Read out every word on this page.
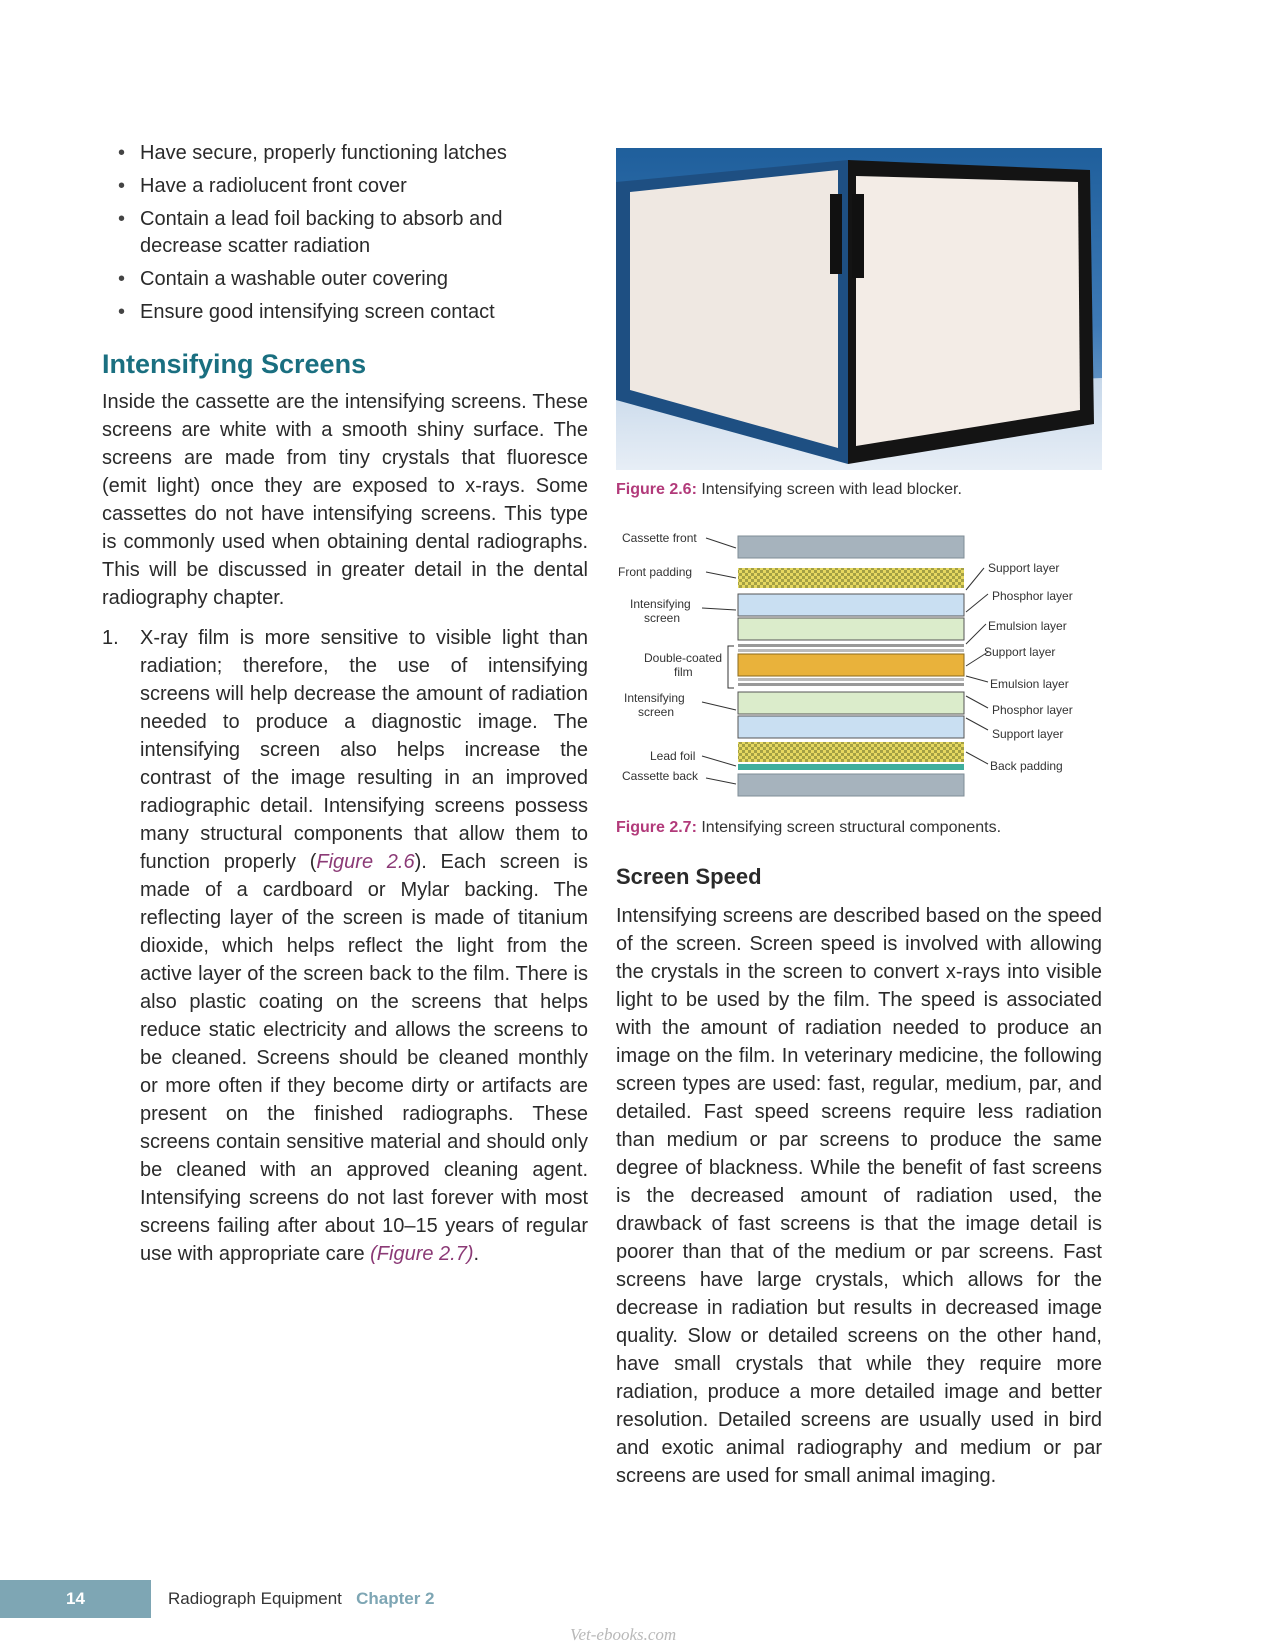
• Have secure, properly functioning latches
• Have a radiolucent front cover
• Contain a lead foil backing to absorb and decrease scatter radiation
• Contain a washable outer covering
• Ensure good intensifying screen contact
Intensifying Screens

Inside the cassette are the intensifying screens. These screens are white with a smooth shiny surface. The screens are made from tiny crystals that fluoresce (emit light) once they are exposed to x-rays. Some cassettes do not have intensifying screens. This type is commonly used when obtaining dental radiographs. This will be discussed in greater detail in the dental radiography chapter.

1. X-ray film is more sensitive to visible light than radiation; therefore, the use of intensifying screens will help decrease the amount of radiation needed to produce a diagnostic image. The intensifying screen also helps increase the contrast of the image resulting in an improved radiographic detail. Intensifying screens possess many structural components that allow them to function properly (Figure 2.6). Each screen is made of a cardboard or Mylar backing. The reflecting layer of the screen is made of titanium dioxide, which helps reflect the light from the active layer of the screen back to the film. There is also plastic coating on the screens that helps reduce static electricity and allows the screens to be cleaned. Screens should be cleaned monthly or more often if they become dirty or artifacts are present on the finished radiographs. These screens contain sensitive material and should only be cleaned with an approved cleaning agent. Intensifying screens do not last forever with most screens failing after about 10–15 years of regular use with appropriate care (Figure 2.7).
Figure 2.6: Intensifying screen with lead blocker.
Cassette front
Front padding
Intensifying
screen
Double-coated
film
Intensifying
screen
Lead foil
Cassette back
Support layer
Phosphor layer
Emulsion layer
Support layer
Emulsion layer
Phosphor layer
Support layer
Back padding
Figure 2.7: Intensifying screen structural components.
Screen Speed

Intensifying screens are described based on the speed of the screen. Screen speed is involved with allowing the crystals in the screen to convert x-rays into visible light to be used by the film. The speed is associated with the amount of radiation needed to produce an image on the film. In veterinary medicine, the following screen types are used: fast, regular, medium, par, and detailed. Fast speed screens require less radiation than medium or par screens to produce the same degree of blackness. While the benefit of fast screens is the decreased amount of radiation used, the drawback of fast screens is that the image detail is poorer than that of the medium or par screens. Fast screens have large crystals, which allows for the decrease in radiation but results in decreased image quality. Slow or detailed screens on the other hand, have small crystals that while they require more radiation, produce a more detailed image and better resolution. Detailed screens are usually used in bird and exotic animal radiography and medium or par screens are used for small animal imaging.

14	Radiograph Equipment Chapter 2
Vet-ebooks.com
